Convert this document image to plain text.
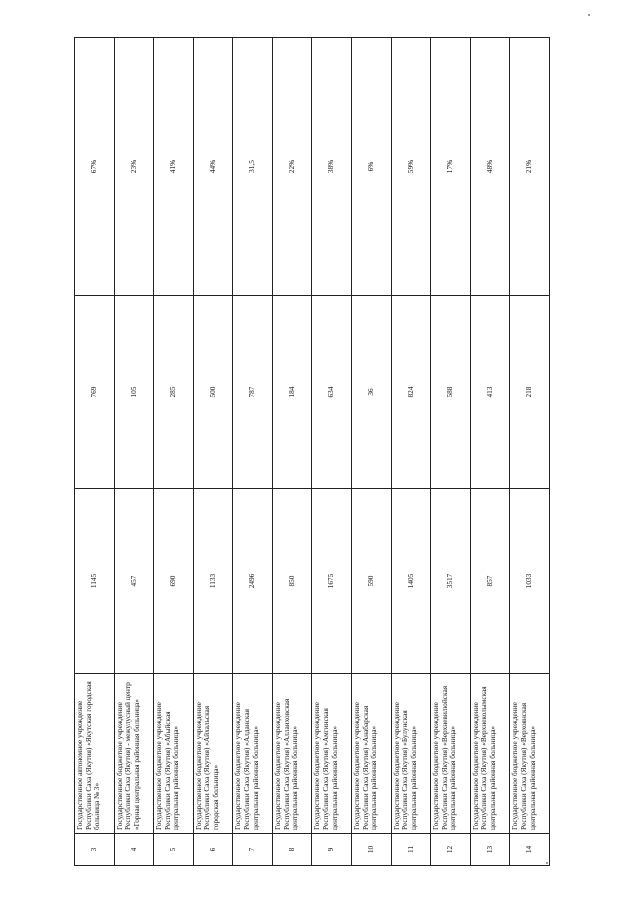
3	Государственное автономное учреждение Республики Саха (Якутия) «Якутская городская больница № 3»	1145	769	67%
4	Государственное бюджетное учреждение Республики Саха (Якутия) - межулусный центр «Горная центральная районная больница»	457	105	23%
5	Государственное бюджетное учреждение Республики Саха (Якутия) «Абыйская центральная районная больница»	690	285	41%
6	Государственное бюджетное учреждение Республики Саха (Якутия) «Айхальская городская больница»	1133	500	44%
7	Государственное бюджетное учреждение Республики Саха (Якутия) «Алданская центральная районная больница»	2496	787	31,5
8	Государственное бюджетное учреждение Республики Саха (Якутия) «Аллаиховская центральная районная больница»	850	184	22%
9	Государственное бюджетное учреждение Республики Саха (Якутия) «Амгинская центральная районная больница»	1675	634	38%
10	Государственное бюджетное учреждение Республики Саха (Якутия) «Анабарская центральная районная больница»	590	36	6%
11	Государственное бюджетное учреждение Республики Саха (Якутия) «Булунская центральная районная больница»	1405	824	59%
12	Государственное бюджетное учреждение Республики Саха (Якутия) «Верхневилюйская центральная районная больница»	3517	588	17%
13	Государственное бюджетное учреждение Республики Саха (Якутия) «Верхнеколымская центральная районная больница»	857	413	48%
14	Государственное бюджетное учреждение Республики Саха (Якутия) «Верхоянская центральная районная больница»	1033	218	21%
